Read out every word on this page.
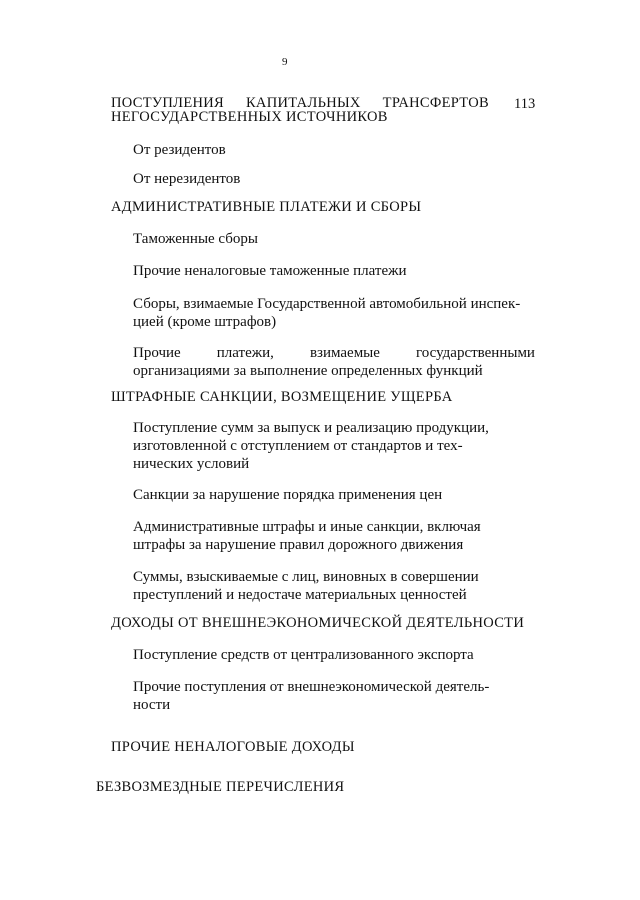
9
ПОСТУПЛЕНИЯ КАПИТАЛЬНЫХ ТРАНСФЕРТОВ 113
НЕГОСУДАРСТВЕННЫХ ИСТОЧНИКОВ
От резидентов
От нерезидентов
АДМИНИСТРАТИВНЫЕ ПЛАТЕЖИ И СБОРЫ
Таможенные сборы
Прочие неналоговые таможенные платежи
Сборы, взимаемые Государственной автомобильной инспек-
цией (кроме штрафов)
Прочие платежи, взимаемые государственными
организациями за выполнение определенных функций
ШТРАФНЫЕ САНКЦИИ, ВОЗМЕЩЕНИЕ УЩЕРБА
Поступление сумм за выпуск и реализацию продукции,
изготовленной с отступлением от стандартов и тех-
нических условий
Санкции за нарушение порядка применения цен
Административные штрафы и иные санкции, включая
штрафы за нарушение правил дорожного движения
Суммы, взыскиваемые с лиц, виновных в совершении
преступлений и недостаче материальных ценностей
ДОХОДЫ ОТ ВНЕШНЕЭКОНОМИЧЕСКОЙ ДЕЯТЕЛЬНОСТИ
Поступление средств от централизованного экспорта
Прочие поступления от внешнеэкономической деятель-
ности
ПРОЧИЕ НЕНАЛОГОВЫЕ ДОХОДЫ
БЕЗВОЗМЕЗДНЫЕ ПЕРЕЧИСЛЕНИЯ
